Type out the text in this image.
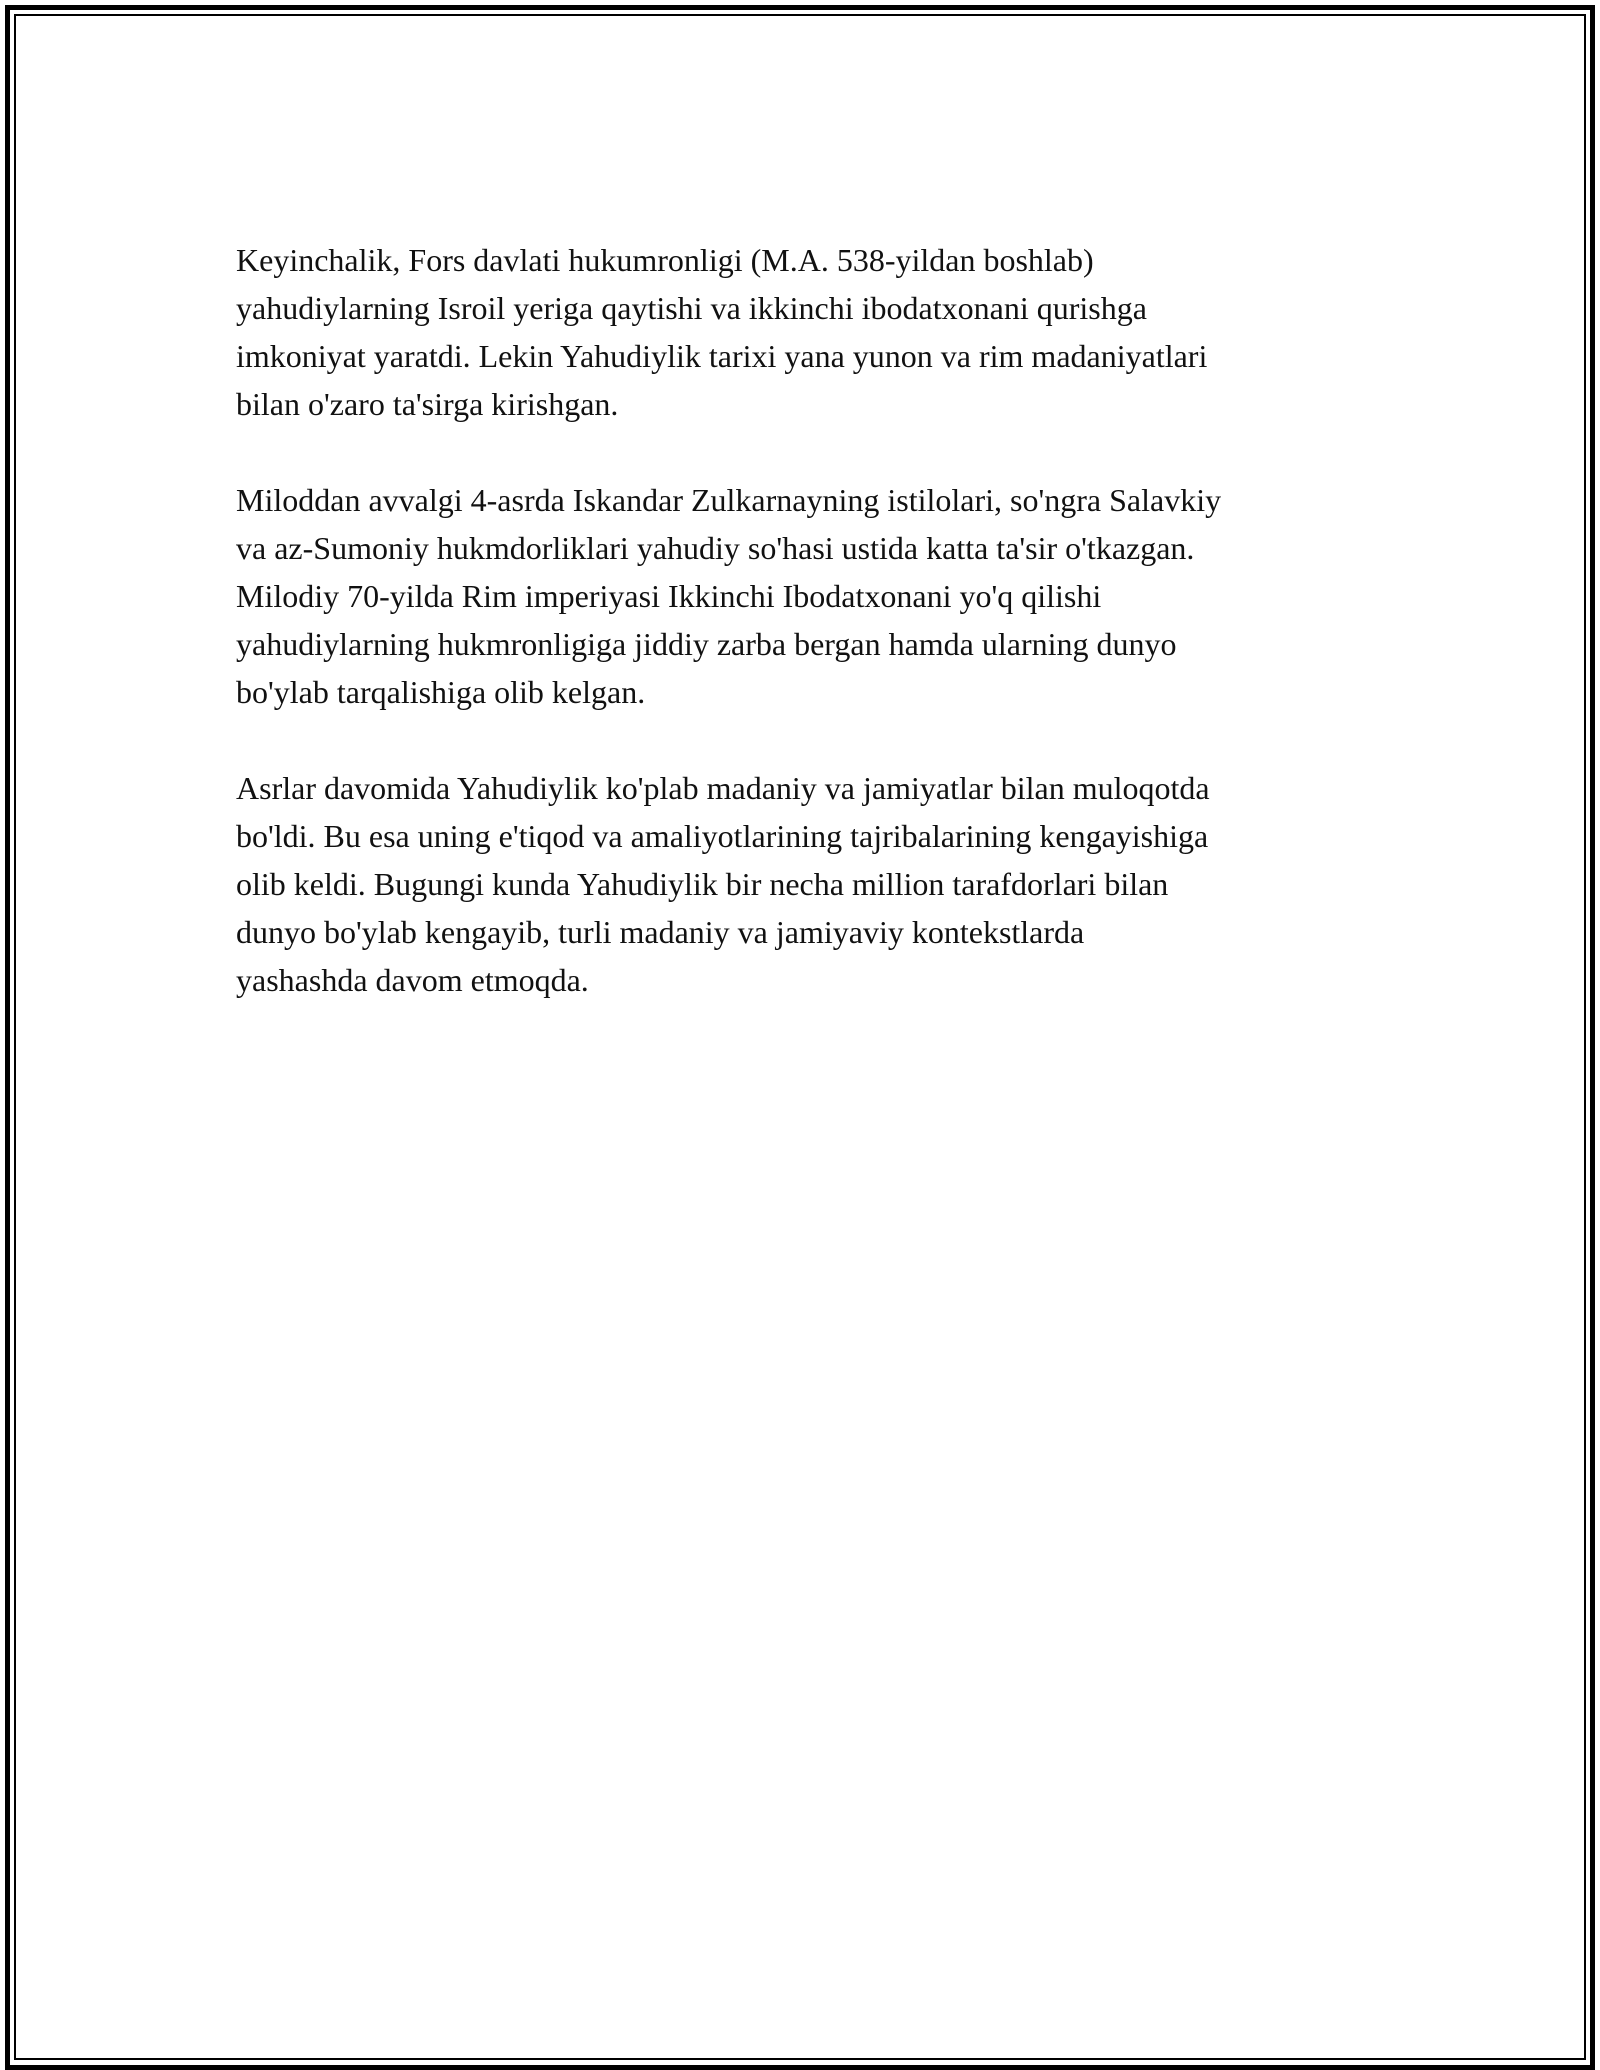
Keyinchalik, Fors davlati hukumronligi (M.A. 538-yildan boshlab)
yahudiylarning Isroil yeriga qaytishi va ikkinchi ibodatxonani qurishga
imkoniyat yaratdi. Lekin Yahudiylik tarixi yana yunon va rim madaniyatlari
bilan o'zaro ta'sirga kirishgan.

Miloddan avvalgi 4-asrda Iskandar Zulkarnayning istilolari, so'ngra Salavkiy
va az-Sumoniy hukmdorliklari yahudiy so'hasi ustida katta ta'sir o'tkazgan.
Milodiy 70-yilda Rim imperiyasi Ikkinchi Ibodatxonani yo'q qilishi
yahudiylarning hukmronligiga jiddiy zarba bergan hamda ularning dunyo
bo'ylab tarqalishiga olib kelgan.

Asrlar davomida Yahudiylik ko'plab madaniy va jamiyatlar bilan muloqotda
bo'ldi. Bu esa uning e'tiqod va amaliyotlarining tajribalarining kengayishiga
olib keldi. Bugungi kunda Yahudiylik bir necha million tarafdorlari bilan
dunyo bo'ylab kengayib, turli madaniy va jamiyaviy kontekstlarda
yashashda davom etmoqda.
